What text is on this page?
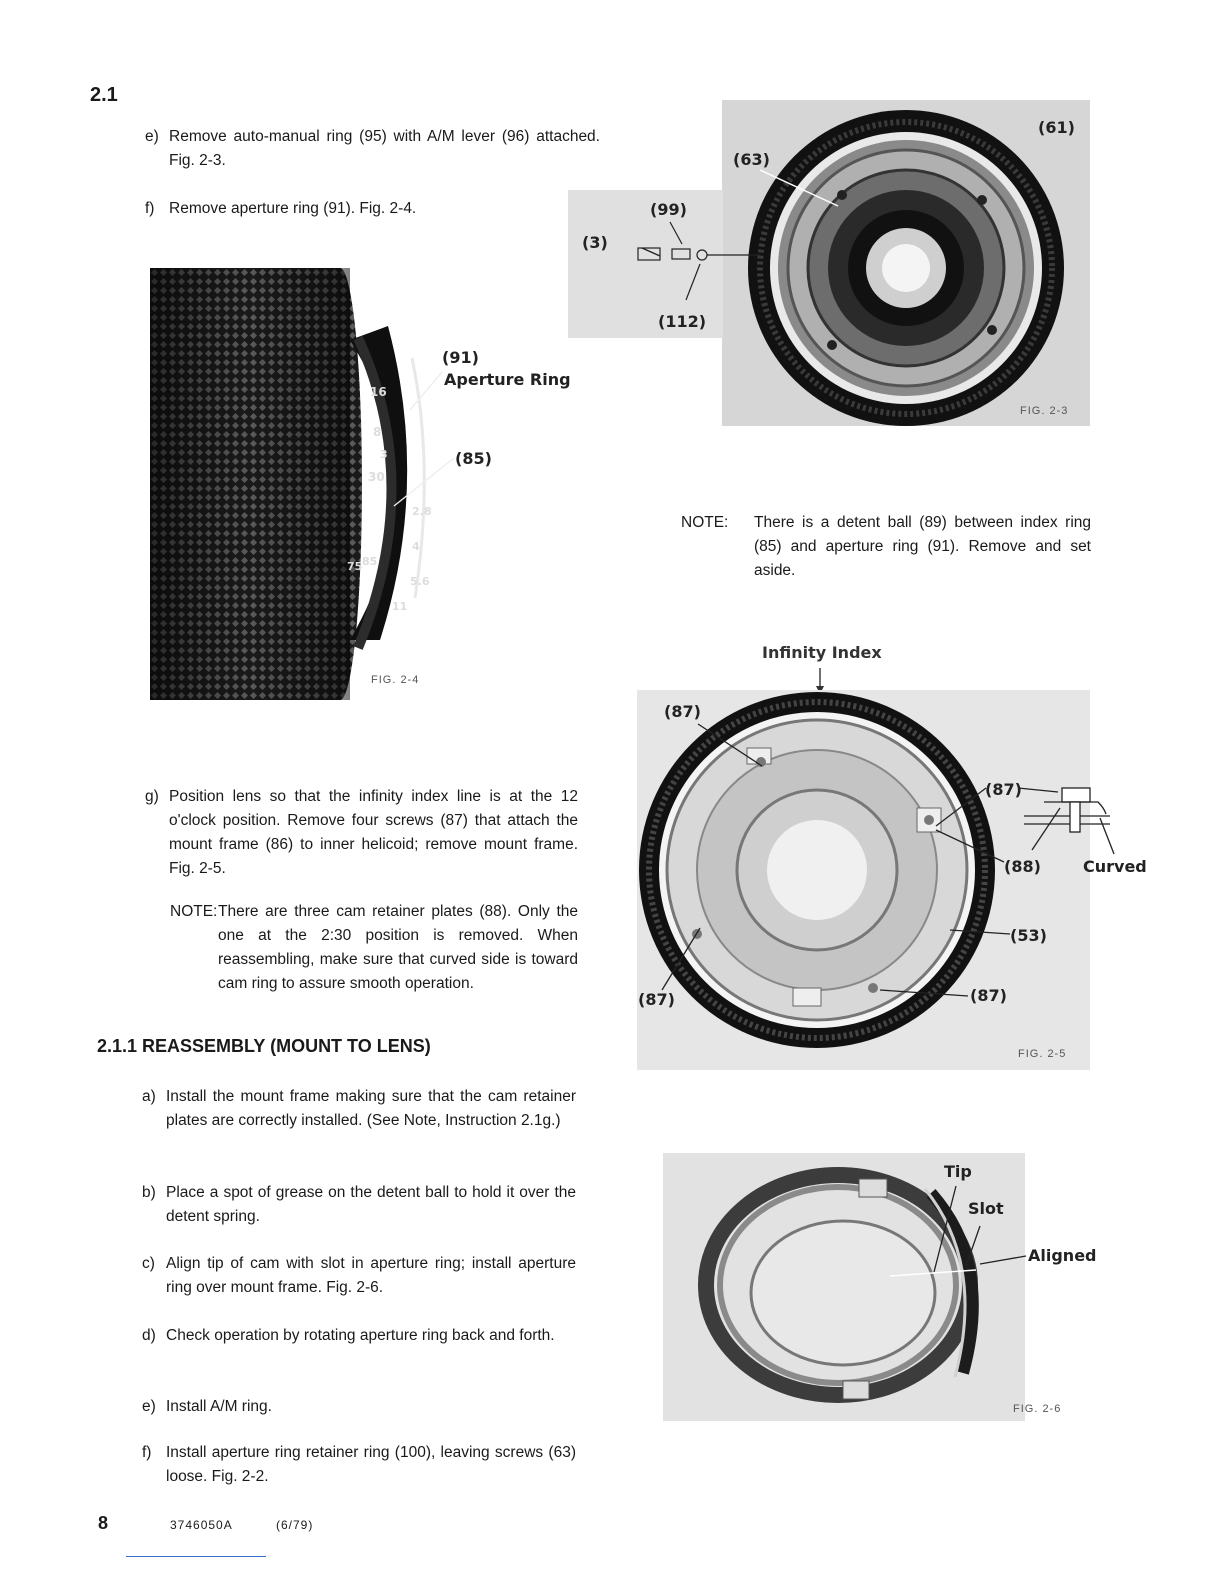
2.1
e) Remove auto-manual ring (95) with A/M lever (96) attached. Fig. 2-3.
f) Remove aperture ring (91). Fig. 2-4.
16
8
5.6
4
2.8
30
3
11
85
75
(91)
Aperture Ring
(85)
FIG. 2-4
(61)
(63)
(99)
(3)
(112)
FIG. 2-3
NOTE: There is a detent ball (89) between index ring (85) and aperture ring (91). Remove and set aside.
Infinity Index
(87)
(87)
(88)	Curved
(53)
(87)	(87)
FIG. 2-5
g) Position lens so that the infinity index line is at the 12 o'clock position. Remove four screws (87) that attach the mount frame (86) to inner helicoid; remove mount frame. Fig. 2-5.
NOTE: There are three cam retainer plates (88). Only the one at the 2:30 position is removed. When reassembling, make sure that curved side is toward cam ring to assure smooth operation.
2.1.1 REASSEMBLY (MOUNT TO LENS)
a) Install the mount frame making sure that the cam retainer plates are correctly installed. (See Note, Instruction 2.1g.)
b) Place a spot of grease on the detent ball to hold it over the detent spring.
c) Align tip of cam with slot in aperture ring; install aperture ring over mount frame. Fig. 2-6.
d) Check operation by rotating aperture ring back and forth.
e) Install A/M ring.
f) Install aperture ring retainer ring (100), leaving screws (63) loose. Fig. 2-2.
Tip
Slot
Aligned
FIG. 2-6
8	3746050A	(6/79)
